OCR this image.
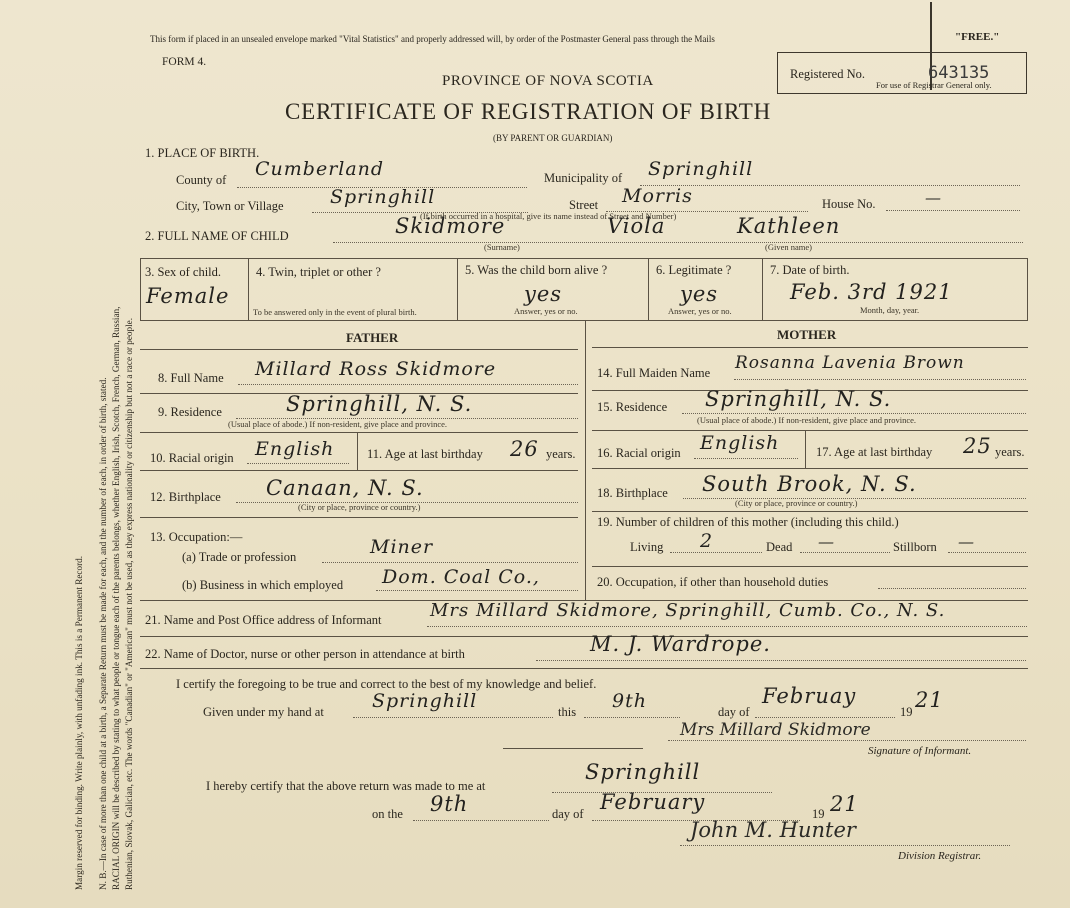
Margin reserved for binding. Write plainly, with unfading ink. This is a Permanent Record. N. B.—In case of more than one child at a birth, a Separate Return must be made for each, and the number of each, in order of birth, stated. RACIAL ORIGIN will be described by stating to what people or tongue each of the parents belongs, whether English, Irish, Scotch, French, German, Russian, Ruthenian, Slovak, Galician, etc. The words "Canadian" or "American" must not be used, as they express nationality or citizenship but not a race or people.
This form if placed in an unsealed envelope marked "Vital Statistics" and properly addressed will, by order of the Postmaster General pass through the Mails	"FREE."
FORM 4.
PROVINCE OF NOVA SCOTIA
CERTIFICATE OF REGISTRATION OF BIRTH
(BY PARENT OR GUARDIAN)
Registered No.	643135
For use of Registrar General only.
1. PLACE OF BIRTH.
County of Cumberland	Municipality of Springhill
City, Town or Village Springhill	Street Morris	House No.	—
(If birth occurred in a hospital, give its name instead of Street and Number)
2. FULL NAME OF CHILD	Skidmore	Viola	Kathleen
(Surname)	(Given name)
3. Sex of child.
Female
4. Twin, triplet or other ?
To be answered only in the event of plural birth.
5. Was the child born alive ?
yes
Answer, yes or no.
6. Legitimate ?
yes
Answer, yes or no.
7. Date of birth.
Feb. 3rd 1921
Month, day, year.
FATHER	MOTHER
8. Full Name Millard Ross Skidmore
9. Residence	Springhill, N. S.
(Usual place of abode.) If non-resident, give place and province.
10. Racial origin English	11. Age at last birthday 26 years.
12. Birthplace Canaan, N. S.
(City or place, province or country.)
13. Occupation:—
(a) Trade or profession	Miner
(b) Business in which employed Dom. Coal Co.,
14. Full Maiden Name Rosanna Lavenia Brown
15. Residence Springhill, N. S.
(Usual place of abode.) If non-resident, give place and province.
16. Racial origin English	17. Age at last birthday 25 years.
18. Birthplace South Brook, N. S.
(City or place, province or country.)
19. Number of children of this mother (including this child.)
Living 2	Dead —	Stillborn —
20. Occupation, if other than household duties
21. Name and Post Office address of Informant	Mrs Millard Skidmore, Springhill, Cumb. Co., N. S.
22. Name of Doctor, nurse or other person in attendance at birth	M. J. Wardrope.
I certify the foregoing to be true and correct to the best of my knowledge and belief.
Given under my hand at	Springhill	this 9th	day of
Februay
19 21
Mrs Millard Skidmore
Signature of Informant.
I hereby certify that the above return was made to me at
Springhill
on the 9th	day of February	19 21
John M. Hunter
Division Registrar.
